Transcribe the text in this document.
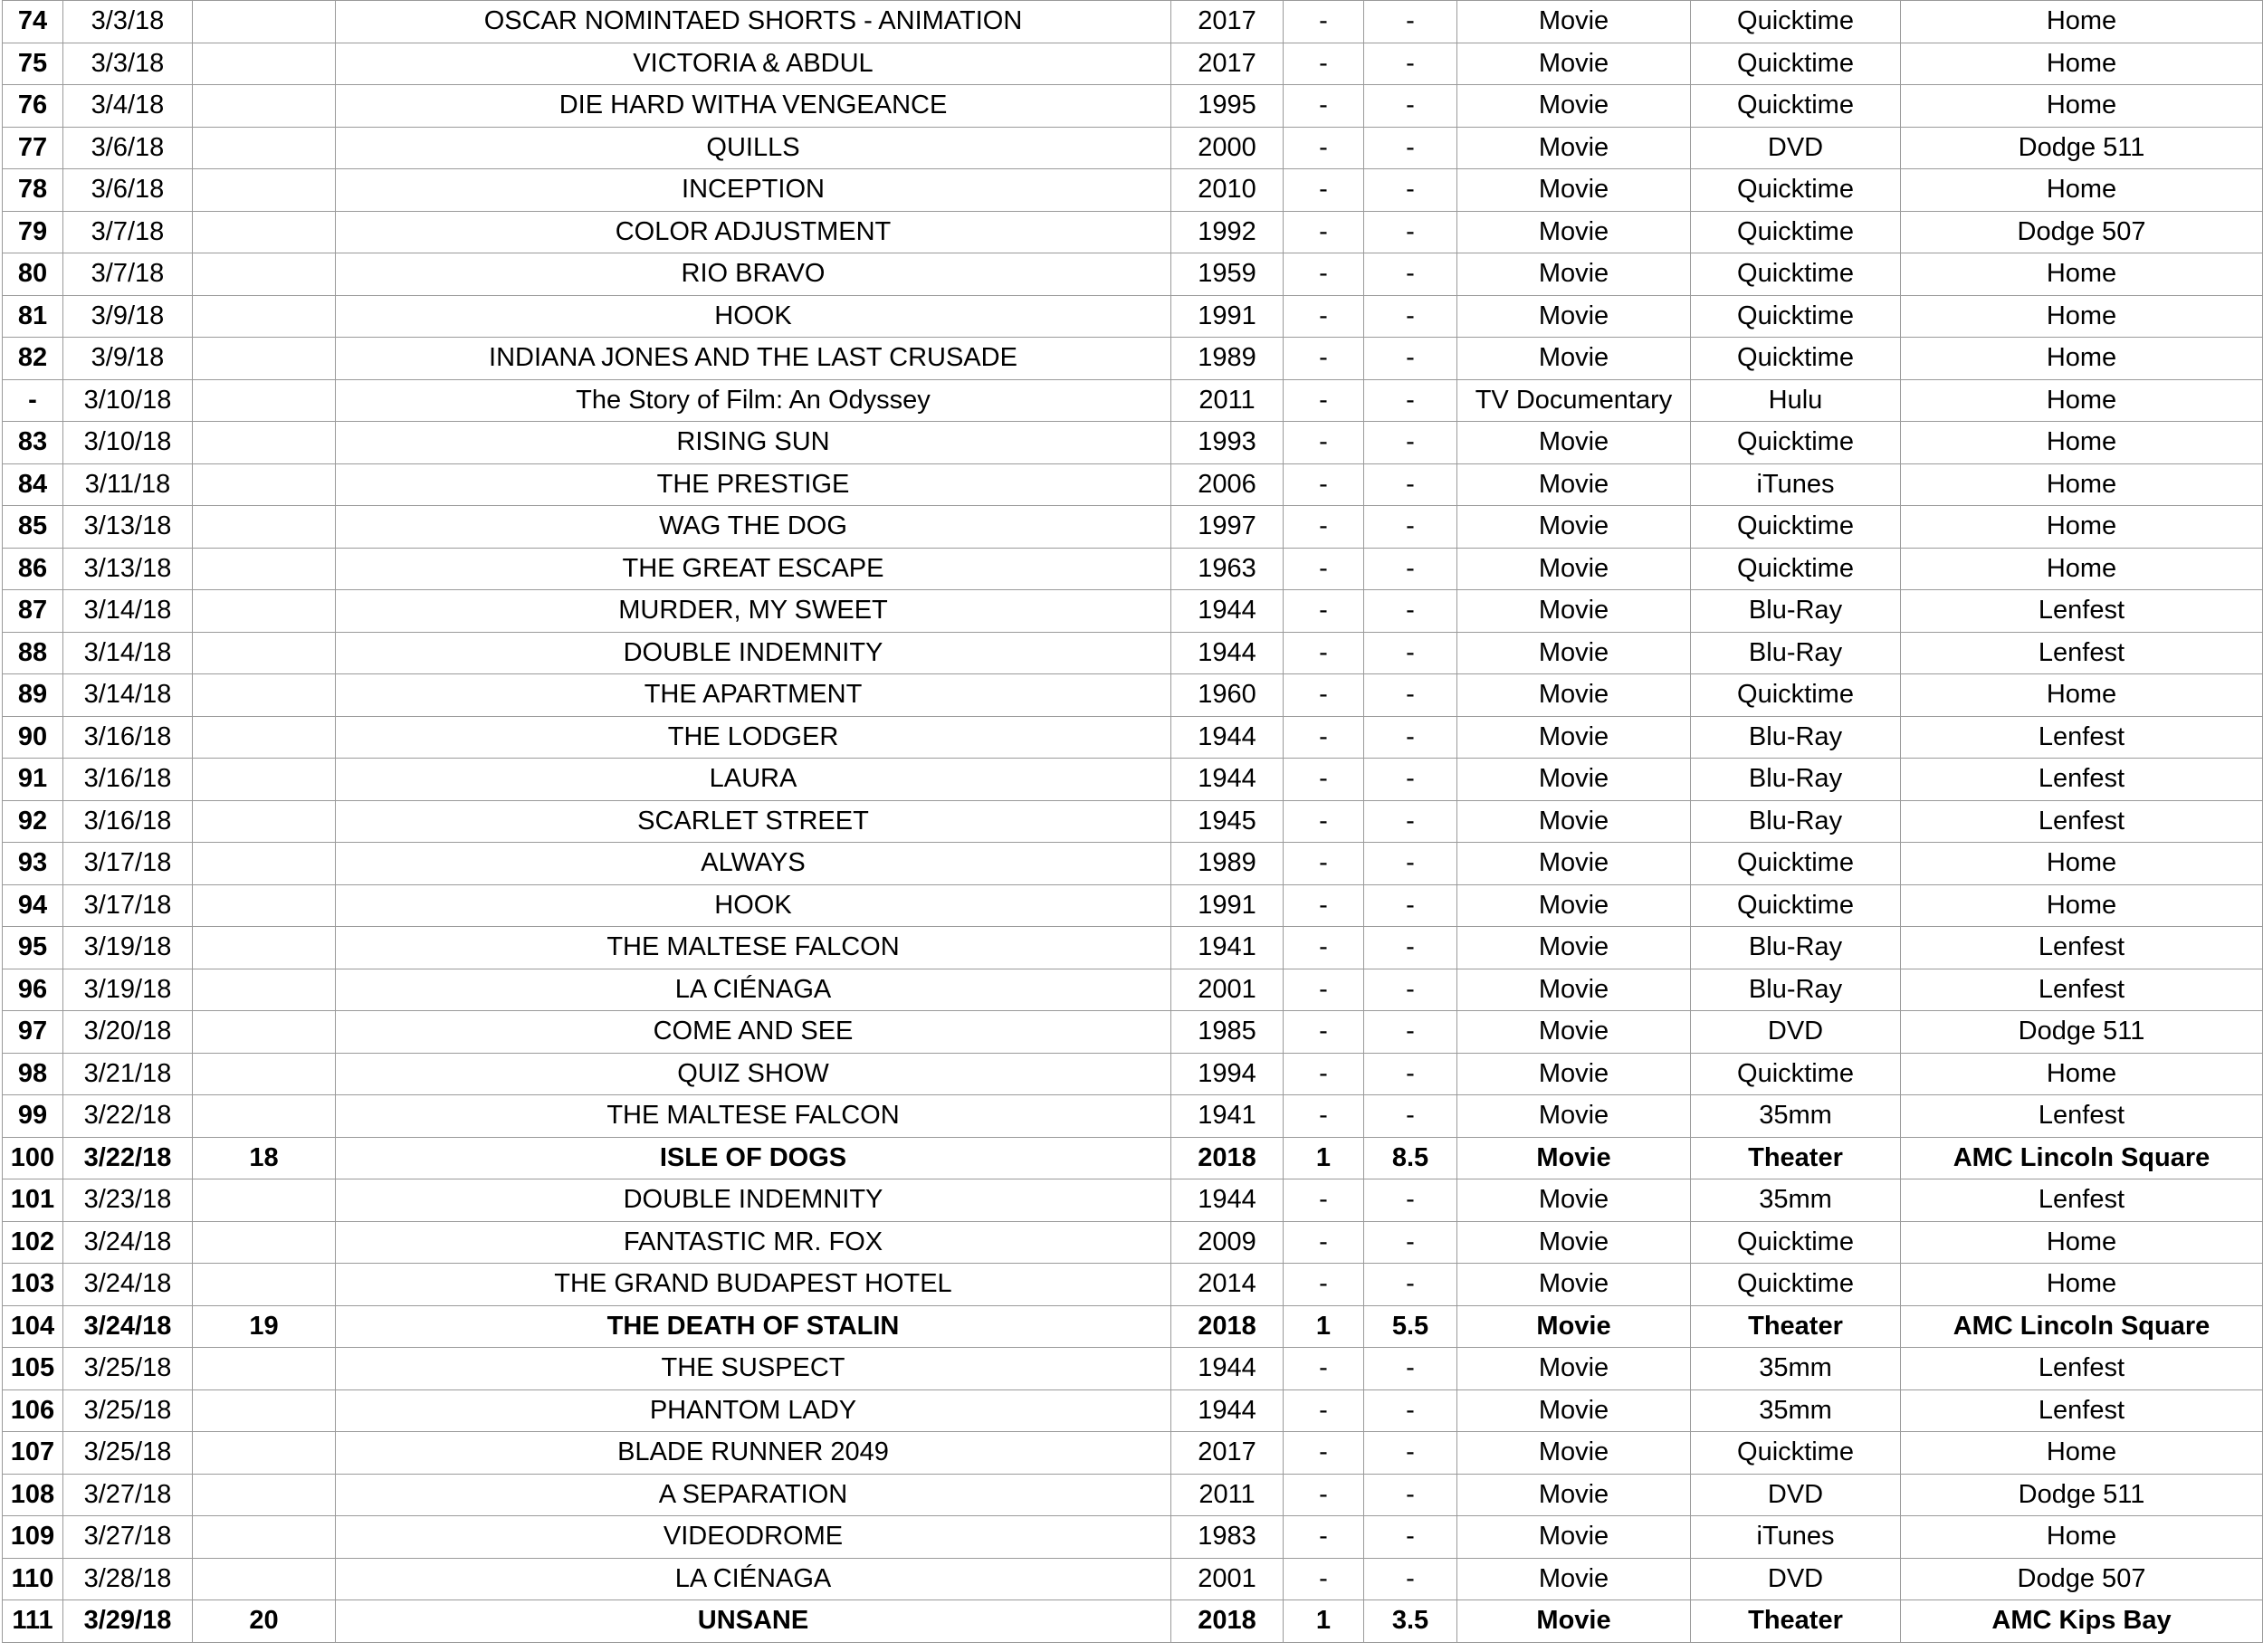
74	3/3/18		OSCAR NOMINTAED SHORTS - ANIMATION	2017	-	-	Movie	Quicktime	Home
75	3/3/18		VICTORIA & ABDUL	2017	-	-	Movie	Quicktime	Home
76	3/4/18		DIE HARD WITHA VENGEANCE	1995	-	-	Movie	Quicktime	Home
77	3/6/18		QUILLS	2000	-	-	Movie	DVD	Dodge 511
78	3/6/18		INCEPTION	2010	-	-	Movie	Quicktime	Home
79	3/7/18		COLOR ADJUSTMENT	1992	-	-	Movie	Quicktime	Dodge 507
80	3/7/18		RIO BRAVO	1959	-	-	Movie	Quicktime	Home
81	3/9/18		HOOK	1991	-	-	Movie	Quicktime	Home
82	3/9/18		INDIANA JONES AND THE LAST CRUSADE	1989	-	-	Movie	Quicktime	Home
-	3/10/18		The Story of Film: An Odyssey	2011	-	-	TV Documentary	Hulu	Home
83	3/10/18		RISING SUN	1993	-	-	Movie	Quicktime	Home
84	3/11/18		THE PRESTIGE	2006	-	-	Movie	iTunes	Home
85	3/13/18		WAG THE DOG	1997	-	-	Movie	Quicktime	Home
86	3/13/18		THE GREAT ESCAPE	1963	-	-	Movie	Quicktime	Home
87	3/14/18		MURDER, MY SWEET	1944	-	-	Movie	Blu-Ray	Lenfest
88	3/14/18		DOUBLE INDEMNITY	1944	-	-	Movie	Blu-Ray	Lenfest
89	3/14/18		THE APARTMENT	1960	-	-	Movie	Quicktime	Home
90	3/16/18		THE LODGER	1944	-	-	Movie	Blu-Ray	Lenfest
91	3/16/18		LAURA	1944	-	-	Movie	Blu-Ray	Lenfest
92	3/16/18		SCARLET STREET	1945	-	-	Movie	Blu-Ray	Lenfest
93	3/17/18		ALWAYS	1989	-	-	Movie	Quicktime	Home
94	3/17/18		HOOK	1991	-	-	Movie	Quicktime	Home
95	3/19/18		THE MALTESE FALCON	1941	-	-	Movie	Blu-Ray	Lenfest
96	3/19/18		LA CIÉNAGA	2001	-	-	Movie	Blu-Ray	Lenfest
97	3/20/18		COME AND SEE	1985	-	-	Movie	DVD	Dodge 511
98	3/21/18		QUIZ SHOW	1994	-	-	Movie	Quicktime	Home
99	3/22/18		THE MALTESE FALCON	1941	-	-	Movie	35mm	Lenfest
100	3/22/18	18	ISLE OF DOGS	2018	1	8.5	Movie	Theater	AMC Lincoln Square
101	3/23/18		DOUBLE INDEMNITY	1944	-	-	Movie	35mm	Lenfest
102	3/24/18		FANTASTIC MR. FOX	2009	-	-	Movie	Quicktime	Home
103	3/24/18		THE GRAND BUDAPEST HOTEL	2014	-	-	Movie	Quicktime	Home
104	3/24/18	19	THE DEATH OF STALIN	2018	1	5.5	Movie	Theater	AMC Lincoln Square
105	3/25/18		THE SUSPECT	1944	-	-	Movie	35mm	Lenfest
106	3/25/18		PHANTOM LADY	1944	-	-	Movie	35mm	Lenfest
107	3/25/18		BLADE RUNNER 2049	2017	-	-	Movie	Quicktime	Home
108	3/27/18		A SEPARATION	2011	-	-	Movie	DVD	Dodge 511
109	3/27/18		VIDEODROME	1983	-	-	Movie	iTunes	Home
110	3/28/18		LA CIÉNAGA	2001	-	-	Movie	DVD	Dodge 507
111	3/29/18	20	UNSANE	2018	1	3.5	Movie	Theater	AMC Kips Bay
